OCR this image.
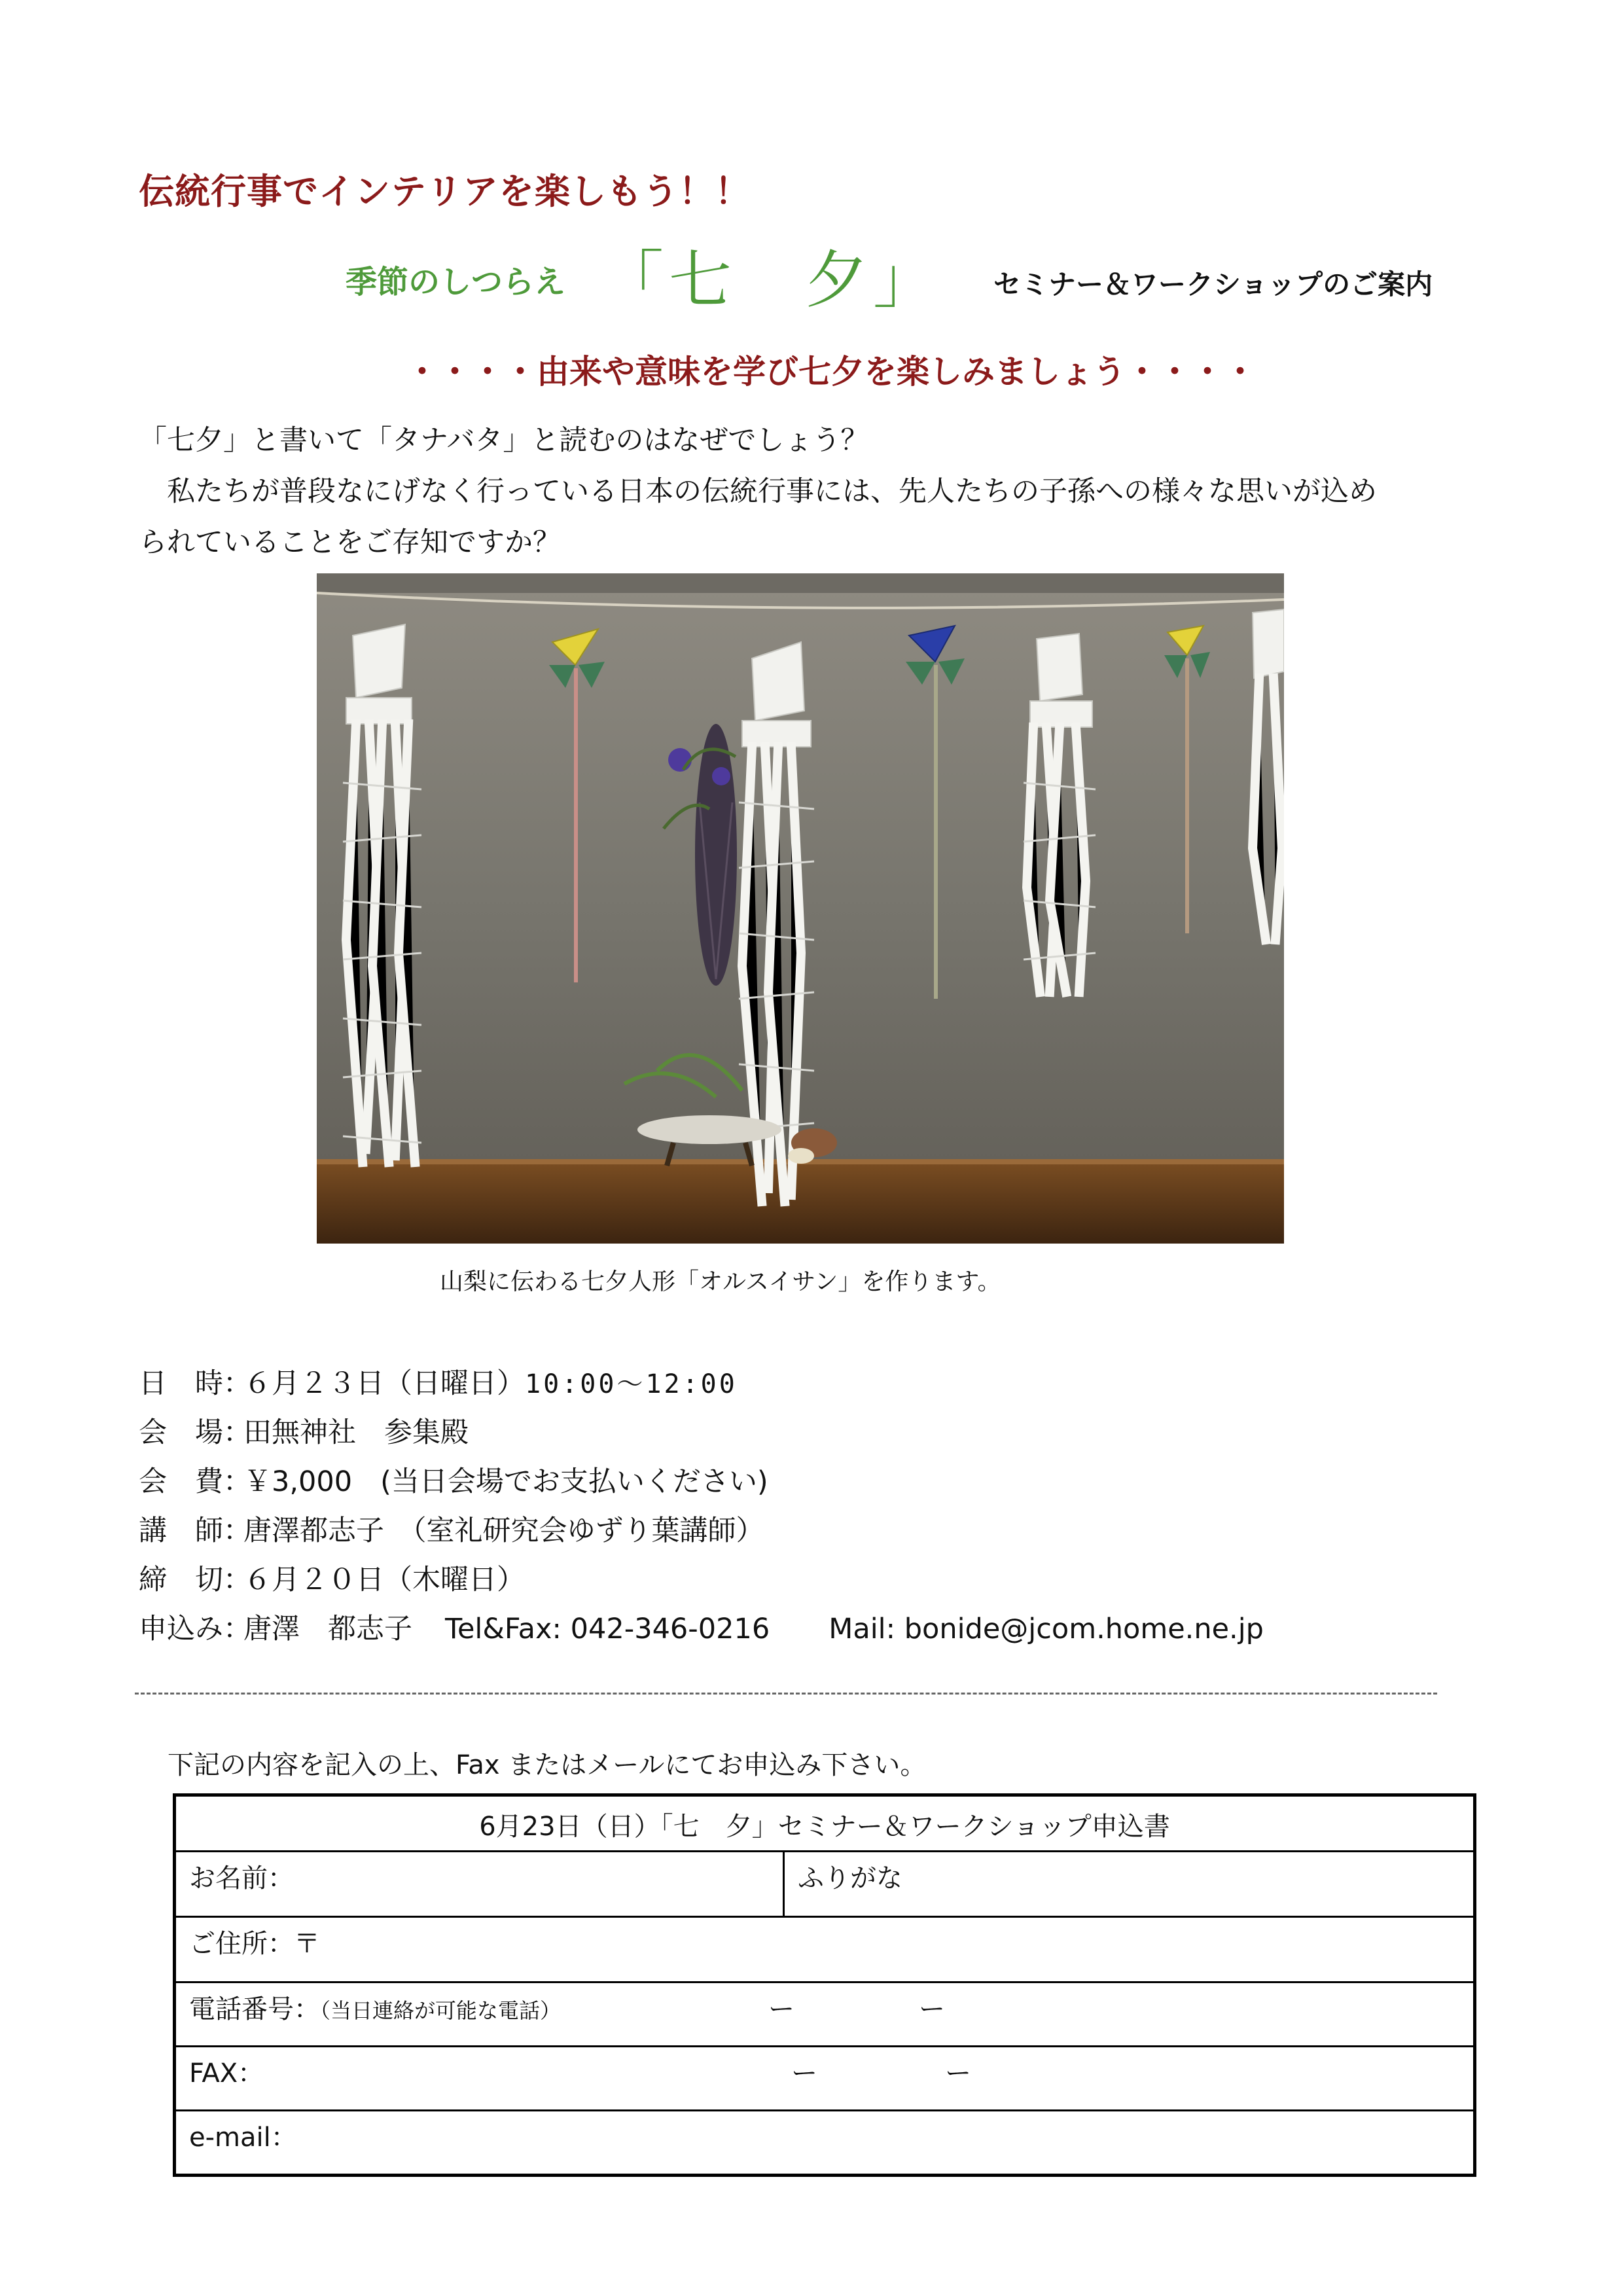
伝統行事でインテリアを楽しもう！！
季節のしつらえ 「七　夕」 セミナー＆ワークショップのご案内
・・・・由来や意味を学び七夕を楽しみましょう・・・・
「七夕」と書いて「タナバタ」と読むのはなぜでしょう？
　私たちが普段なにげなく行っている日本の伝統行事には、先人たちの子孫への様々な思いが込め
られていることをご存知ですか？
山梨に伝わる七夕人形「オルスイサン」を作ります。
日　時：６月２３日（日曜日）10:00～12:00
会　場：田無神社　参集殿
会　費：￥3,000　(当日会場でお支払いください)
講　師：唐澤都志子　（室礼研究会ゆずり葉講師）
締　切：６月２０日（木曜日）
申込み：唐澤　都志子 Tel&Fax: 042-346-0216 Mail: bonide@jcom.home.ne.jp
下記の内容を記入の上、Fax またはメールにてお申込み下さい。
6月23日（日）「七　夕」セミナー＆ワークショップ申込書
お名前：	ふりがな
ご住所：〒
電話番号：（当日連絡が可能な電話）	ー	ー
FAX：	ー	ー
e-mail：
